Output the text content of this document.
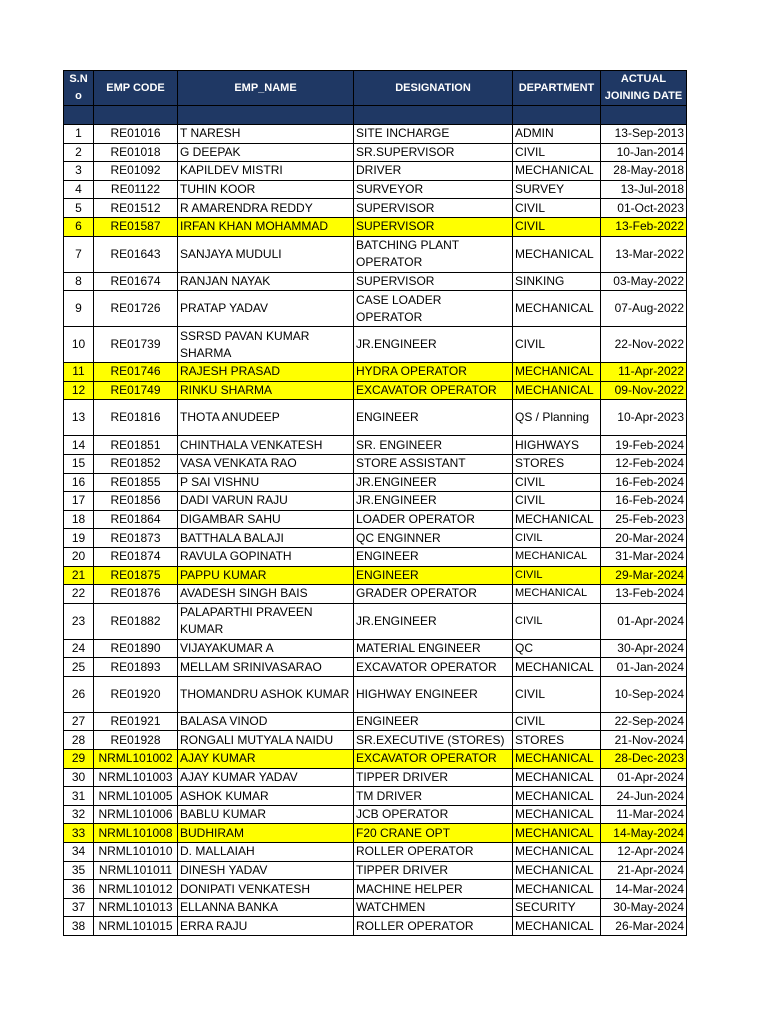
S.N o	EMP CODE	EMP_NAME	DESIGNATION	DEPARTMENT	ACTUAL JOINING DATE

1	RE01016	T NARESH	SITE INCHARGE	ADMIN	13-Sep-2013
2	RE01018	G DEEPAK	SR.SUPERVISOR	CIVIL	10-Jan-2014
3	RE01092	KAPILDEV MISTRI	DRIVER	MECHANICAL	28-May-2018
4	RE01122	TUHIN KOOR	SURVEYOR	SURVEY	13-Jul-2018
5	RE01512	R AMARENDRA REDDY	SUPERVISOR	CIVIL	01-Oct-2023
6	RE01587	IRFAN KHAN MOHAMMAD	SUPERVISOR	CIVIL	13-Feb-2022
7	RE01643	SANJAYA MUDULI	BATCHING PLANT OPERATOR	MECHANICAL	13-Mar-2022
8	RE01674	RANJAN NAYAK	SUPERVISOR	SINKING	03-May-2022
9	RE01726	PRATAP YADAV	CASE LOADER OPERATOR	MECHANICAL	07-Aug-2022
10	RE01739	SSRSD PAVAN KUMAR SHARMA	JR.ENGINEER	CIVIL	22-Nov-2022
11	RE01746	RAJESH PRASAD	HYDRA OPERATOR	MECHANICAL	11-Apr-2022
12	RE01749	RINKU SHARMA	EXCAVATOR OPERATOR	MECHANICAL	09-Nov-2022
13	RE01816	THOTA ANUDEEP	ENGINEER	QS / Planning	10-Apr-2023
14	RE01851	CHINTHALA VENKATESH	SR. ENGINEER	HIGHWAYS	19-Feb-2024
15	RE01852	VASA VENKATA RAO	STORE ASSISTANT	STORES	12-Feb-2024
16	RE01855	P SAI VISHNU	JR.ENGINEER	CIVIL	16-Feb-2024
17	RE01856	DADI VARUN RAJU	JR.ENGINEER	CIVIL	16-Feb-2024
18	RE01864	DIGAMBAR SAHU	LOADER OPERATOR	MECHANICAL	25-Feb-2023
19	RE01873	BATTHALA BALAJI	QC ENGINNER	CIVIL	20-Mar-2024
20	RE01874	RAVULA GOPINATH	ENGINEER	MECHANICAL	31-Mar-2024
21	RE01875	PAPPU KUMAR	ENGINEER	CIVIL	29-Mar-2024
22	RE01876	AVADESH SINGH BAIS	GRADER OPERATOR	MECHANICAL	13-Feb-2024
23	RE01882	PALAPARTHI PRAVEEN KUMAR	JR.ENGINEER	CIVIL	01-Apr-2024
24	RE01890	VIJAYAKUMAR A	MATERIAL ENGINEER	QC	30-Apr-2024
25	RE01893	MELLAM SRINIVASARAO	EXCAVATOR OPERATOR	MECHANICAL	01-Jan-2024
26	RE01920	THOMANDRU ASHOK KUMAR	HIGHWAY ENGINEER	CIVIL	10-Sep-2024
27	RE01921	BALASA VINOD	ENGINEER	CIVIL	22-Sep-2024
28	RE01928	RONGALI MUTYALA NAIDU	SR.EXECUTIVE (STORES)	STORES	21-Nov-2024
29	NRML101002	AJAY KUMAR	EXCAVATOR OPERATOR	MECHANICAL	28-Dec-2023
30	NRML101003	AJAY KUMAR YADAV	TIPPER DRIVER	MECHANICAL	01-Apr-2024
31	NRML101005	ASHOK KUMAR	TM DRIVER	MECHANICAL	24-Jun-2024
32	NRML101006	BABLU KUMAR	JCB OPERATOR	MECHANICAL	11-Mar-2024
33	NRML101008	BUDHIRAM	F20 CRANE OPT	MECHANICAL	14-May-2024
34	NRML101010	D. MALLAIAH	ROLLER OPERATOR	MECHANICAL	12-Apr-2024
35	NRML101011	DINESH YADAV	TIPPER DRIVER	MECHANICAL	21-Apr-2024
36	NRML101012	DONIPATI VENKATESH	MACHINE HELPER	MECHANICAL	14-Mar-2024
37	NRML101013	ELLANNA BANKA	WATCHMEN	SECURITY	30-May-2024
38	NRML101015	ERRA RAJU	ROLLER OPERATOR	MECHANICAL	26-Mar-2024
